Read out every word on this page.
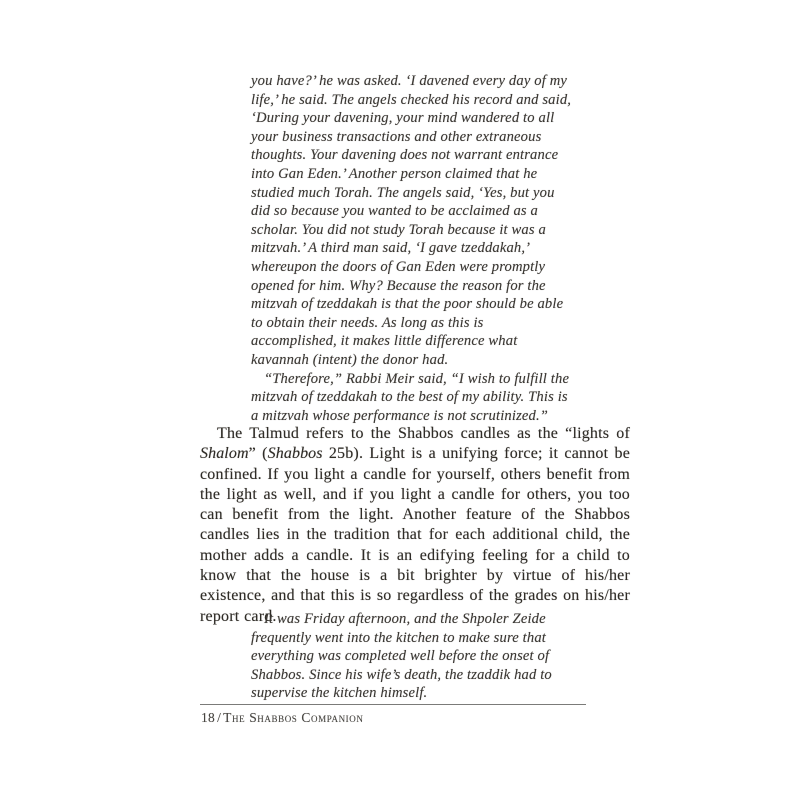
you have?’ he was asked. ‘I davened every day of my life,’ he said. The angels checked his record and said, ‘During your davening, your mind wandered to all your business transactions and other extraneous thoughts. Your davening does not warrant entrance into Gan Eden.’ Another person claimed that he studied much Torah. The angels said, ‘Yes, but you did so because you wanted to be acclaimed as a scholar. You did not study Torah because it was a mitzvah.’ A third man said, ‘I gave tzeddakah,’ whereupon the doors of Gan Eden were promptly opened for him. Why? Because the reason for the mitzvah of tzeddakah is that the poor should be able to obtain their needs. As long as this is accomplished, it makes little difference what kavannah (intent) the donor had.

“Therefore,” Rabbi Meir said, “I wish to fulfill the mitzvah of tzeddakah to the best of my ability. This is a mitzvah whose performance is not scrutinized.”

The Talmud refers to the Shabbos candles as the “lights of Shalom” (Shabbos 25b). Light is a unifying force; it cannot be confined. If you light a candle for yourself, others benefit from the light as well, and if you light a candle for others, you too can benefit from the light. Another feature of the Shabbos candles lies in the tradition that for each additional child, the mother adds a candle. It is an edifying feeling for a child to know that the house is a bit brighter by virtue of his/her existence, and that this is so regardless of the grades on his/her report card.

It was Friday afternoon, and the Shpoler Zeide frequently went into the kitchen to make sure that everything was completed well before the onset of Shabbos. Since his wife’s death, the tzaddik had to supervise the kitchen himself.

18 / The Shabbos Companion
